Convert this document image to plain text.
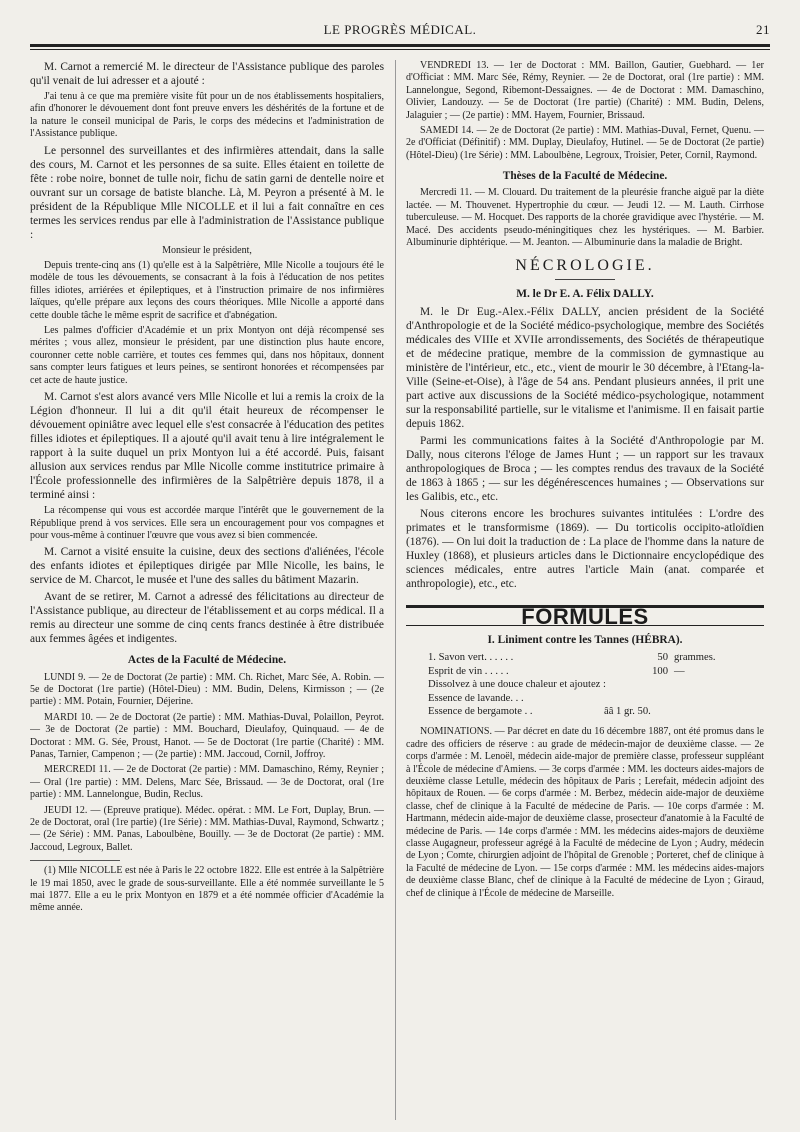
LE PROGRÈS MÉDICAL.	21

M. Carnot a remercié M. le directeur de l'Assistance publique des paroles qu'il venait de lui adresser et a ajouté :

J'ai tenu à ce que ma première visite fût pour un de nos établissements hospitaliers, afin d'honorer le dévouement dont font preuve envers les déshérités de la fortune et de la nature le conseil municipal de Paris, le corps des médecins et l'administration de l'Assistance publique.

Le personnel des surveillantes et des infirmières attendait, dans la salle des cours, M. Carnot et les personnes de sa suite. Elles étaient en toilette de fête : robe noire, bonnet de tulle noir, fichu de satin garni de dentelle noire et ouvrant sur un corsage de batiste blanche. Là, M. Peyron a présenté à M. le président de la République Mlle NICOLLE et il lui a fait connaître en ces termes les services rendus par elle à l'administration de l'Assistance publique :

Monsieur le président,

Depuis trente-cinq ans (1) qu'elle est à la Salpêtrière, Mlle Nicolle a toujours été le modèle de tous les dévouements, se consacrant à la fois à l'éducation de nos petites filles idiotes, arriérées et épileptiques, et à l'instruction primaire de nos infirmières laïques, qu'elle prépare aux leçons des cours théoriques. Mlle Nicolle a apporté dans cette double tâche le même esprit de sacrifice et d'abnégation.

Les palmes d'officier d'Académie et un prix Montyon ont déjà récompensé ses mérites ; vous allez, monsieur le président, par une distinction plus haute encore, couronner cette noble carrière, et toutes ces femmes qui, dans nos hôpitaux, donnent sans compter leurs fatigues et leurs peines, se sentiront honorées et récompensées par cet acte de haute justice.

M. Carnot s'est alors avancé vers Mlle Nicolle et lui a remis la croix de la Légion d'honneur. Il lui a dit qu'il était heureux de récompenser le dévouement opiniâtre avec lequel elle s'est consacrée à l'éducation des petites filles idiotes et épileptiques. Il a ajouté qu'il avait tenu à lire intégralement le rapport à la suite duquel un prix Montyon lui a été accordé. Puis, faisant allusion aux services rendus par Mlle Nicolle comme institutrice primaire à l'École professionnelle des infirmières de la Salpêtrière depuis 1878, il a terminé ainsi :

La récompense qui vous est accordée marque l'intérêt que le gouvernement de la République prend à vos services. Elle sera un encouragement pour vos compagnes et pour vous-même à continuer l'œuvre que vous avez si bien commencée.

M. Carnot a visité ensuite la cuisine, deux des sections d'aliénées, l'école des enfants idiotes et épileptiques dirigée par Mlle Nicolle, les bains, le service de M. Charcot, le musée et l'une des salles du bâtiment Mazarin.

Avant de se retirer, M. Carnot a adressé des félicitations au directeur de l'Assistance publique, au directeur de l'établissement et au corps médical. Il a remis au directeur une somme de cinq cents francs destinée à être distribuée aux femmes âgées et indigentes.

Actes de la Faculté de Médecine.

LUNDI 9. — 2e de Doctorat (2e partie) : MM. Ch. Richet, Marc Sée, A. Robin. — 5e de Doctorat (1re partie) (Hôtel-Dieu) : MM. Budin, Delens, Kirmisson ; — (2e partie) : MM. Potain, Fournier, Déjerine.

MARDI 10. — 2e de Doctorat (2e partie) : MM. Mathias-Duval, Polaillon, Peyrot. — 3e de Doctorat (2e partie) : MM. Bouchard, Dieulafoy, Quinquaud. — 4e de Doctorat : MM. G. Sée, Proust, Hanot. — 5e de Doctorat (1re partie (Charité) : MM. Panas, Tarnier, Campenon ; — (2e partie) : MM. Jaccoud, Cornil, Joffroy.

MERCREDI 11. — 2e de Doctorat (2e partie) : MM. Damaschino, Rémy, Reynier ; — Oral (1re partie) : MM. Delens, Marc Sée, Brissaud. — 3e de Doctorat, oral (1re partie) : MM. Lannelongue, Budin, Reclus.

JEUDI 12. — (Epreuve pratique). Médec. opérat. : MM. Le Fort, Duplay, Brun. — 2e de Doctorat, oral (1re partie) (1re Série) : MM. Mathias-Duval, Raymond, Schwartz ; — (2e Série) : MM. Panas, Laboulbène, Bouilly. — 3e de Doctorat (2e partie) : MM. Jaccoud, Legroux, Ballet.

(1) Mlle NICOLLE est née à Paris le 22 octobre 1822. Elle est entrée à la Salpêtrière le 19 mai 1850, avec le grade de sous-surveillante. Elle a été nommée surveillante le 5 mai 1877. Elle a eu le prix Montyon en 1879 et a été nommée officier d'Académie la même année.

VENDREDI 13. — 1er de Doctorat : MM. Baillon, Gautier, Guebhard. — 1er d'Officiat : MM. Marc Sée, Rémy, Reynier. — 2e de Doctorat, oral (1re partie) : MM. Lannelongue, Segond, Ribemont-Dessaignes. — 4e de Doctorat : MM. Damaschino, Olivier, Landouzy. — 5e de Doctorat (1re partie) (Charité) : MM. Budin, Delens, Jalaguier ; — (2e partie) : MM. Hayem, Fournier, Brissaud.

SAMEDI 14. — 2e de Doctorat (2e partie) : MM. Mathias-Duval, Fernet, Quenu. — 2e d'Officiat (Définitif) : MM. Duplay, Dieulafoy, Hutinel. — 5e de Doctorat (2e partie) (Hôtel-Dieu) (1re Série) : MM. Laboulbène, Legroux, Troisier, Peter, Cornil, Raymond.

Thèses de la Faculté de Médecine.

Mercredi 11. — M. Clouard. Du traitement de la pleurésie franche aiguë par la diète lactée. — M. Thouvenet. Hypertrophie du cœur. — Jeudi 12. — M. Lauth. Cirrhose tuberculeuse. — M. Hocquet. Des rapports de la chorée gravidique avec l'hystérie. — M. Macé. Des accidents pseudo-méningitiques chez les hystériques. — M. Barbier. Albuminurie diphtérique. — M. Jeanton. — Albuminurie dans la maladie de Bright.

NÉCROLOGIE.
M. le Dr E. A. Félix DALLY.

M. le Dr Eug.-Alex.-Félix DALLY, ancien président de la Société d'Anthropologie et de la Société médico-psychologique, membre des Sociétés médicales des VIIIe et XVIIe arrondissements, des Sociétés de thérapeutique et de médecine pratique, membre de la commission de gymnastique au ministère de l'intérieur, etc., etc., vient de mourir le 30 décembre, à l'Etang-la-Ville (Seine-et-Oise), à l'âge de 54 ans. Pendant plusieurs années, il prit une part active aux discussions de la Société médico-psychologique, notamment sur la responsabilité partielle, sur le vitalisme et l'animisme. Il en faisait partie depuis 1862.

Parmi les communications faites à la Société d'Anthropologie par M. Dally, nous citerons l'éloge de James Hunt ; — un rapport sur les travaux anthropologiques de Broca ; — les comptes rendus des travaux de la Société de 1863 à 1865 ; — sur les dégénérescences humaines ; — Observations sur les Galibis, etc., etc.

Nous citerons encore les brochures suivantes intitulées : L'ordre des primates et le transformisme (1869). — Du torticolis occipito-atloïdien (1876). — On lui doit la traduction de : La place de l'homme dans la nature de Huxley (1868), et plusieurs articles dans le Dictionnaire encyclopédique des sciences médicales, entre autres l'article Main (anat. comparée et anthropologie), etc., etc.

FORMULES
I. Liniment contre les Tannes (HÉBRA).
1. Savon vert. . . . . .	50 grammes.
Esprit de vin . . . . .	100 —
Dissolvez à une douce chaleur et ajoutez :
Essence de lavande. . .
Essence de bergamote . .	ââ 1 gr. 50.

NOMINATIONS. — Par décret en date du 16 décembre 1887, ont été promus dans le cadre des officiers de réserve : au grade de médecin-major de deuxième classe. — 2e corps d'armée : M. Lenoël, médecin aide-major de première classe, professeur suppléant à l'École de médecine d'Amiens. — 3e corps d'armée : MM. les docteurs aides-majors de deuxième classe Letulle, médecin des hôpitaux de Paris ; Lerefait, médecin adjoint des hôpitaux de Rouen. — 6e corps d'armée : M. Berbez, médecin aide-major de deuxième classe, chef de clinique à la Faculté de médecine de Paris. — 10e corps d'armée : M. Hartmann, médecin aide-major de deuxième classe, prosecteur d'anatomie à la Faculté de médecine de Paris. — 14e corps d'armée : MM. les médecins aides-majors de deuxième classe Augagneur, professeur agrégé à la Faculté de médecine de Lyon ; Audry, médecin de Lyon ; Comte, chirurgien adjoint de l'hôpital de Grenoble ; Porteret, chef de clinique à la Faculté de médecine de Lyon. — 15e corps d'armée : MM. les médecins aides-majors de deuxième classe Blanc, chef de clinique à la Faculté de médecine de Lyon ; Giraud, chef de clinique à l'École de médecine de Marseille.
